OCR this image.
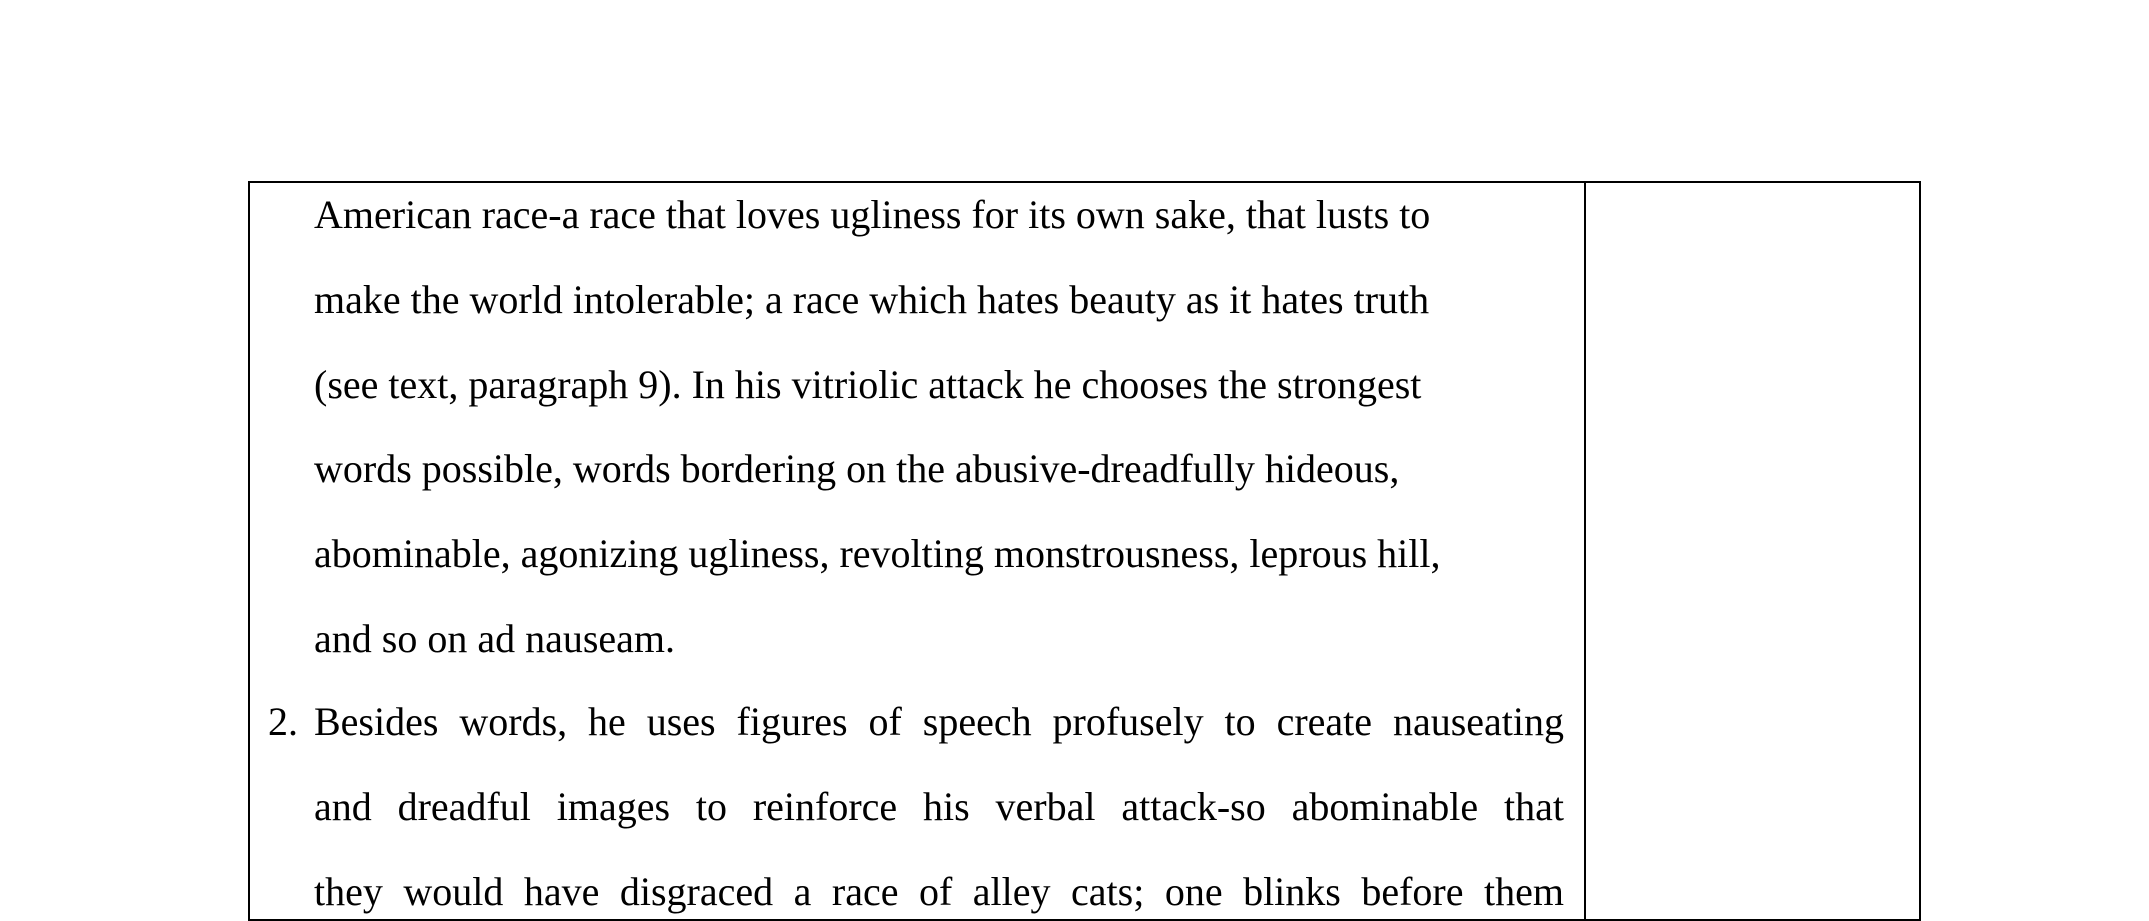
American race-a race that loves ugliness for its own sake, that lusts to
make the world intolerable; a race which hates beauty as it hates truth
(see text, paragraph 9). In his vitriolic attack he chooses the strongest
words possible, words bordering on the abusive-dreadfully hideous,
abominable, agonizing ugliness, revolting monstrousness, leprous hill,
and so on ad nauseam.
2. Besides words, he uses figures of speech profusely to create nauseating
and dreadful images to reinforce his verbal attack-so abominable that
they would have disgraced a race of alley cats; one blinks before them
